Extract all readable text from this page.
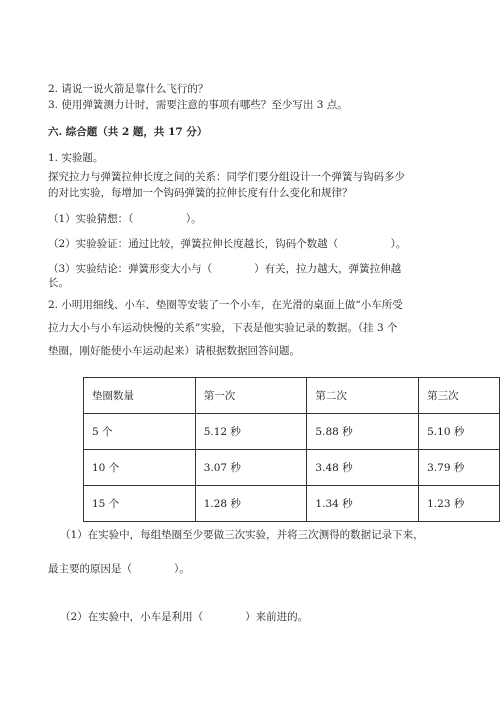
2. 请说一说火箭是靠什么飞行的？
3. 使用弹簧测力计时，需要注意的事项有哪些？至少写出 3 点。
六. 综合题（共 2 题，共 17 分）
1. 实验题。
探究拉力与弹簧拉伸长度之间的关系：同学们要分组设计一个弹簧与钩码多少
的对比实验，每增加一个钩码弹簧的拉伸长度有什么变化和规律？
（1）实验猜想：（　　　　　）。
（2）实验验证：通过比较，弹簧拉伸长度越长，钩码个数越（　　　　　）。
（3）实验结论：弹簧形变大小与（　　　　）有关，拉力越大，弹簧拉伸越
长。
2. 小明用细线、小车、垫圈等安装了一个小车，在光滑的桌面上做“小车所受
拉力大小与小车运动快慢的关系”实验，下表是他实验记录的数据。（挂 3 个
垫圈，刚好能使小车运动起来）请根据数据回答问题。
垫圈数量	第一次	第二次	第三次
5 个	5.12 秒	5.88 秒	5.10 秒
10 个	3.07 秒	3.48 秒	3.79 秒
15 个	1.28 秒	1.34 秒	1.23 秒
（1）在实验中，每组垫圈至少要做三次实验，并将三次测得的数据记录下来，
最主要的原因是（　　　　）。
（2）在实验中，小车是利用（　　　　）来前进的。
